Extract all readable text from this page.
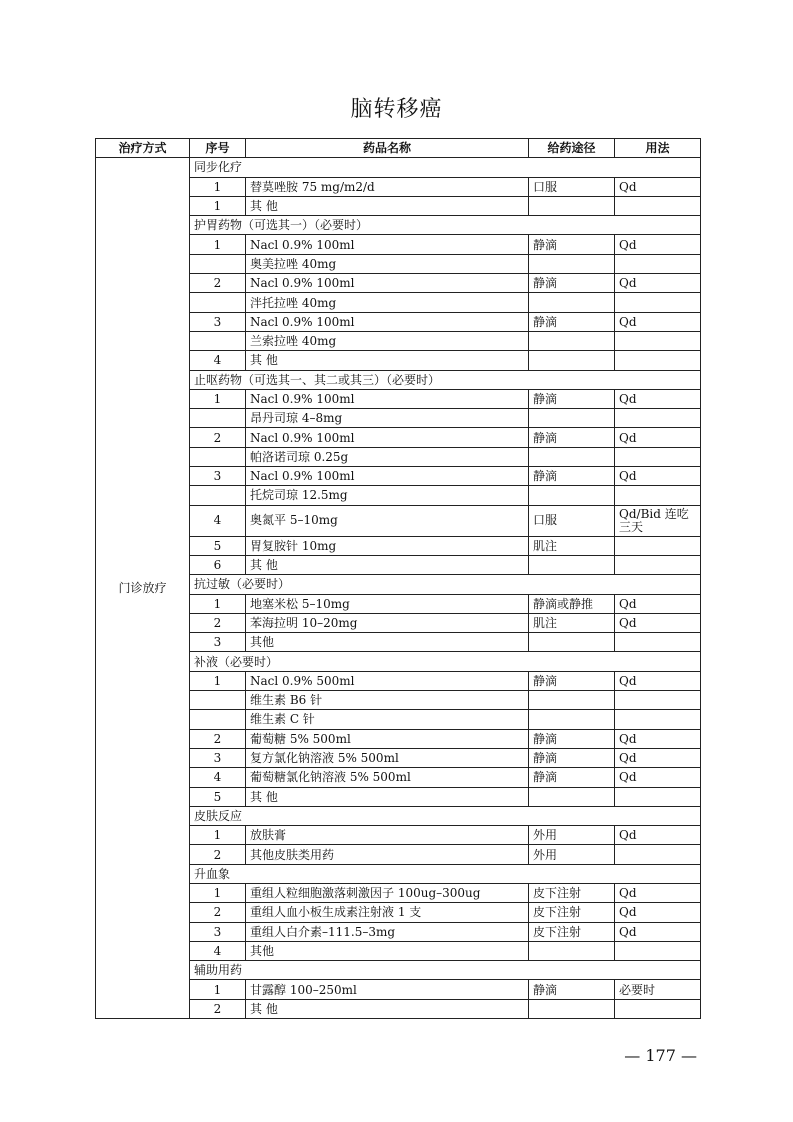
脑转移癌
治疗方式	序号	药品名称	给药途径	用法
门诊放疗	同步化疗			
	1	替莫唑胺 75 mg/m2/d	口服	Qd
	1	其 他		
	护胃药物（可选其一）（必要时）			
	1	Nacl 0.9% 100ml	静滴	Qd
		奥美拉唑 40mg		
	2	Nacl 0.9% 100ml	静滴	Qd
		泮托拉唑 40mg		
	3	Nacl 0.9% 100ml	静滴	Qd
		兰索拉唑 40mg		
	4	其 他		
	止呕药物（可选其一、其二或其三）（必要时）			
	1	Nacl 0.9% 100ml	静滴	Qd
		昂丹司琼 4–8mg		
	2	Nacl 0.9% 100ml	静滴	Qd
		帕洛诺司琼 0.25g		
	3	Nacl 0.9% 100ml	静滴	Qd
		托烷司琼 12.5mg		
	4	奥氮平 5–10mg	口服	Qd/Bid 连吃三天
	5	胃复胺针 10mg	肌注	
	6	其 他		
	抗过敏（必要时）			
	1	地塞米松 5–10mg	静滴或静推	Qd
	2	苯海拉明 10–20mg	肌注	Qd
	3	其他		
	补液（必要时）			
	1	Nacl 0.9% 500ml	静滴	Qd
		维生素 B6 针		
		维生素 C 针		
	2	葡萄糖 5% 500ml	静滴	Qd
	3	复方氯化钠溶液 5% 500ml	静滴	Qd
	4	葡萄糖氯化钠溶液 5% 500ml	静滴	Qd
	5	其 他		
	皮肤反应			
	1	放肤膏	外用	Qd
	2	其他皮肤类用药	外用	
	升血象			
	1	重组人粒细胞激落刺激因子 100ug–300ug	皮下注射	Qd
	2	重组人血小板生成素注射液 1 支	皮下注射	Qd
	3	重组人白介素–111.5–3mg	皮下注射	Qd
	4	其他		
	辅助用药			
	1	甘露醇 100–250ml	静滴	必要时
	2	其 他		
— 177 —
